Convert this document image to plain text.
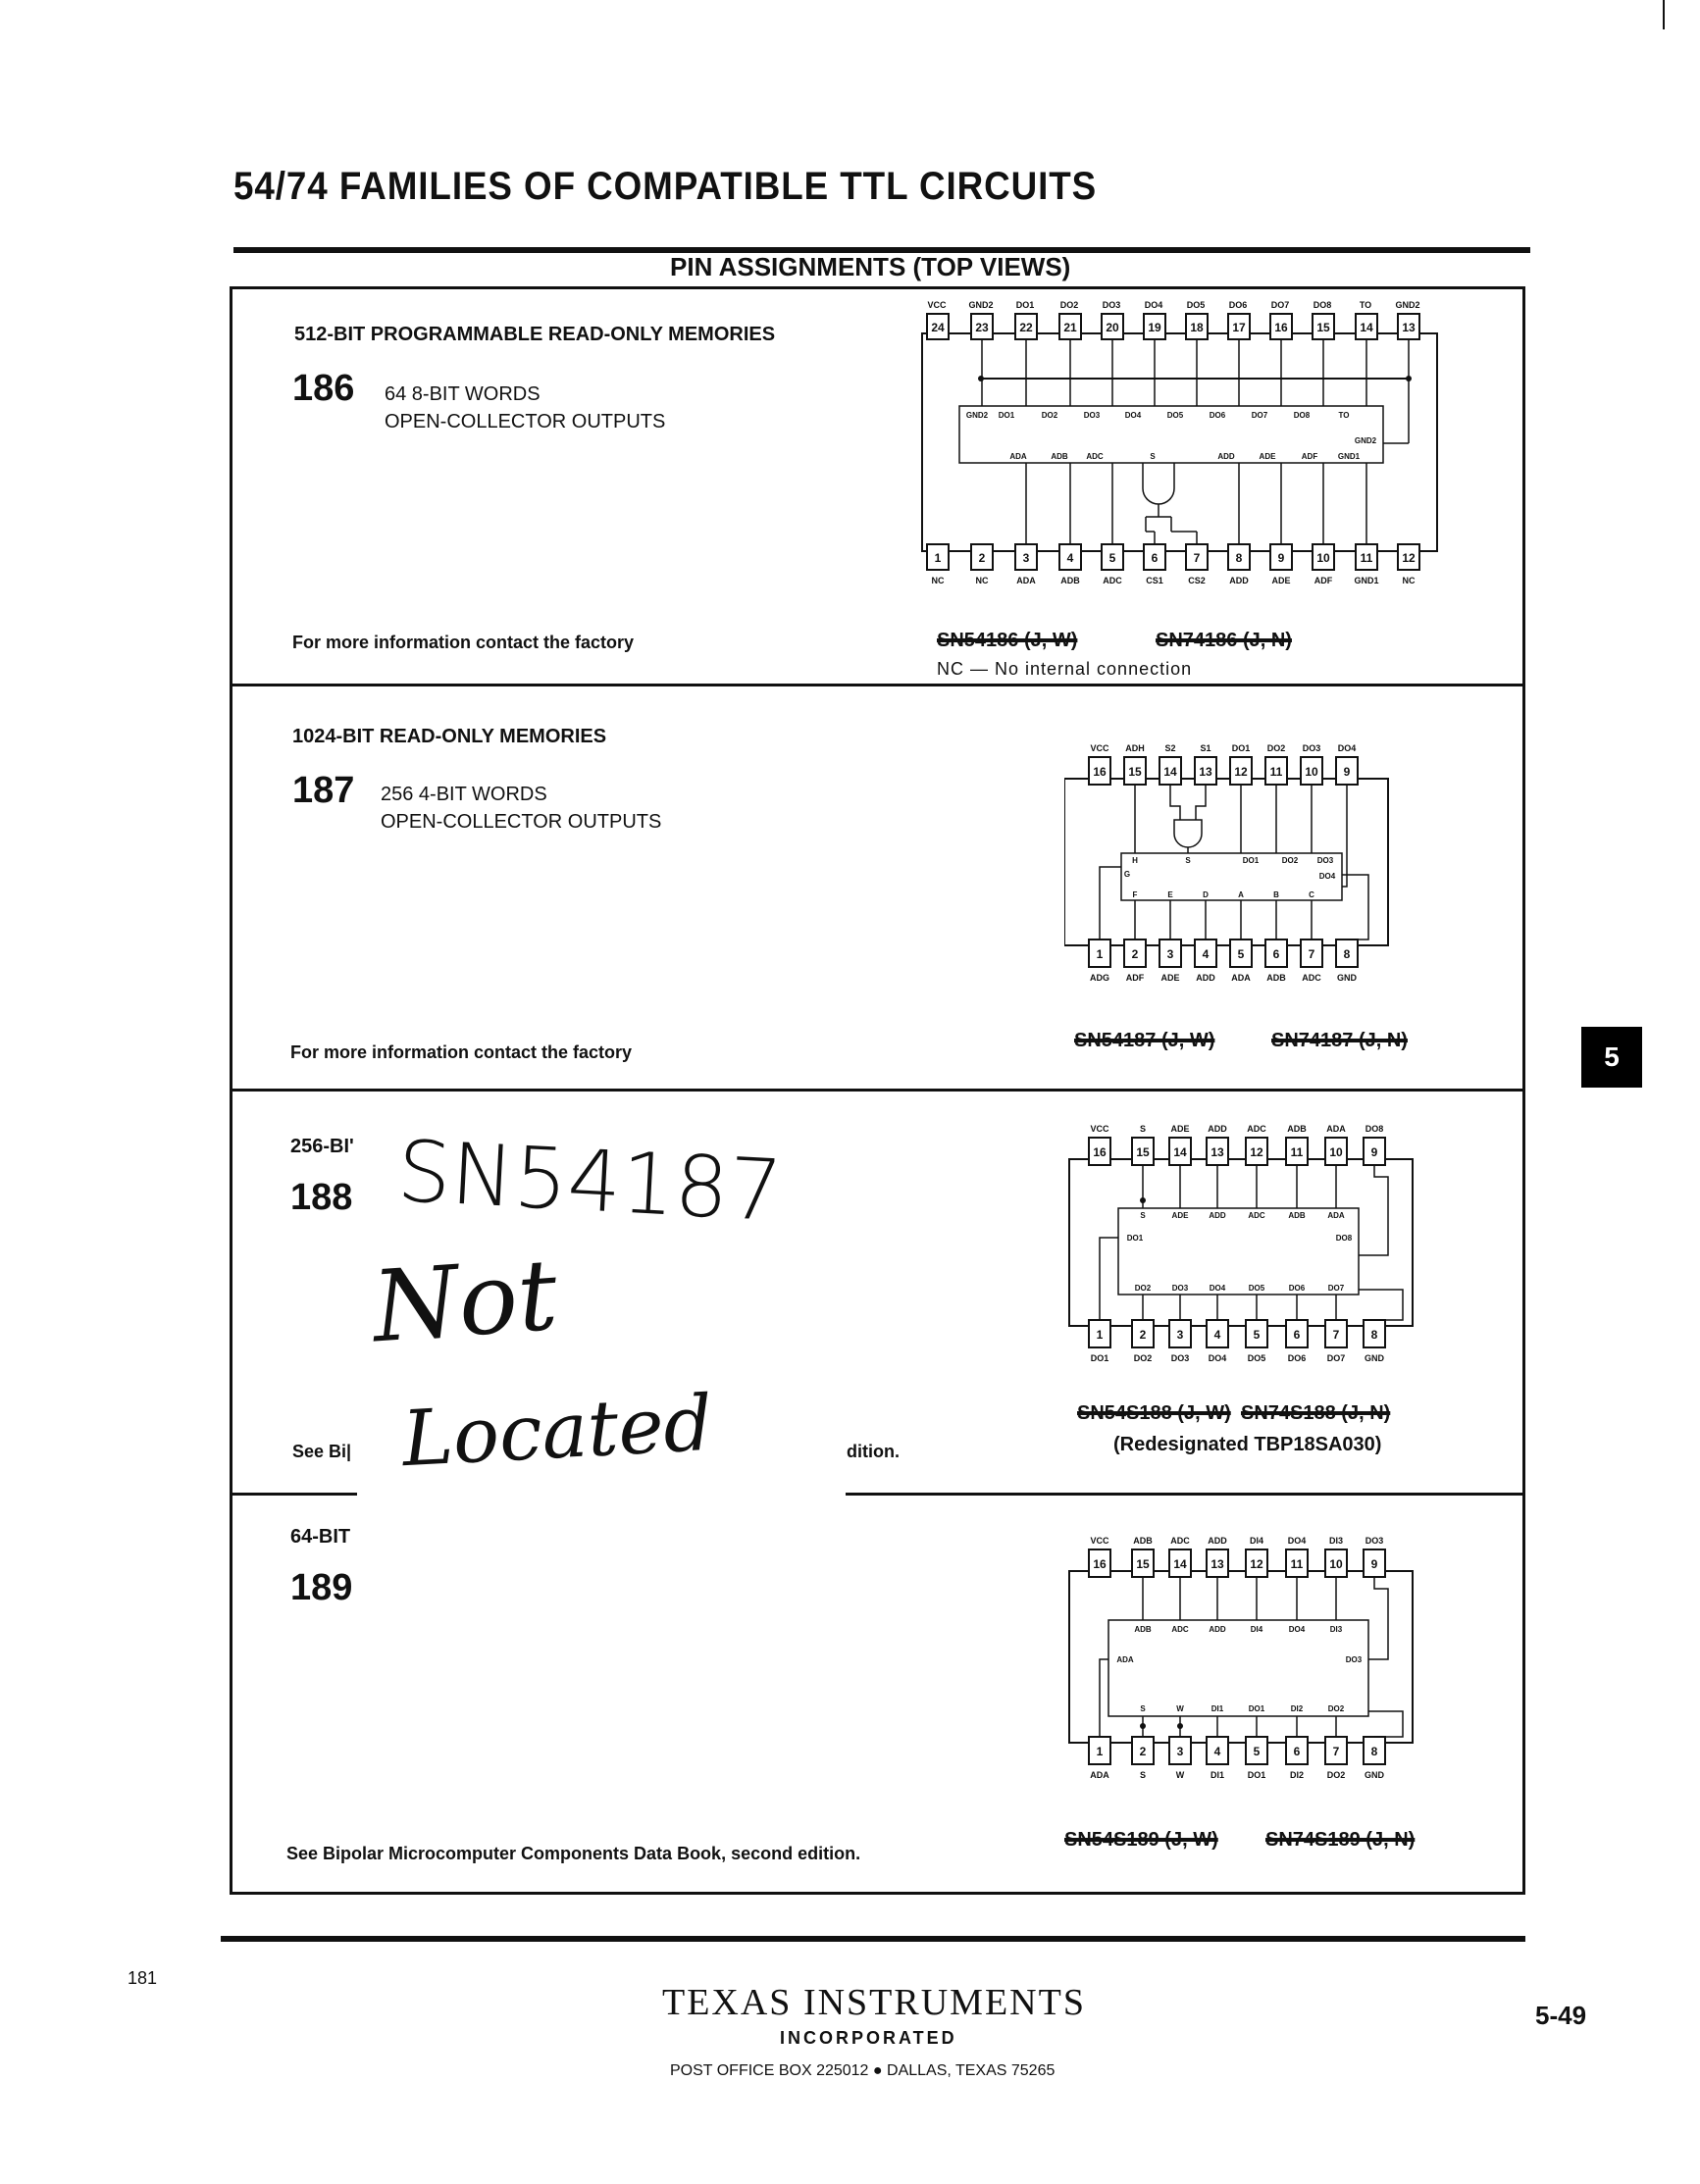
54/74 FAMILIES OF COMPATIBLE TTL CIRCUITS
PIN ASSIGNMENTS (TOP VIEWS)
512-BIT PROGRAMMABLE READ-ONLY MEMORIES
186 64 8-BIT WORDS
OPEN-COLLECTOR OUTPUTS
For more information contact the factory	SN54186 (J, W)	SN74186 (J, N)
NC — No internal connection
VCC	GND2	DO1	DO2	DO3	DO4	DO5	DO6	DO7	DO8	TO	GND2
24	23	22	21 20 19 18 17 16 15	14 13
1	2	3	4	5	6	7	8	9	10	11 12
GND2 DO1	DO2	DO3	DO4	DO5	DO6	DO7	DO8	TO
GND2
ADA	ADB ADC	S	ADD	ADE	ADF	GND1
NC	NC	ADA	ADB	ADC	CS1	CS2	ADD	ADE	ADF GND1	NC
1024-BIT READ-ONLY MEMORIES
187 256 4-BIT WORDS
OPEN-COLLECTOR OUTPUTS
For more information contact the factory
SN54187 (J, W)	SN74187 (J, N)
VCC ADH S2	S1 DO1 DO2 DO3 DO4
16 15 14 13 12 11 10 9
1 2 3 4 5 6 7 8
H	S	DO1	DO2 DO3
DO4
G
F	E	D	A	B	C
ADG ADF ADE ADD ADA ADB ADC GND
256-BI'
188
See Bi|	dition.
SN54S188 (J, W) SN74S188 (J, N)
(Redesignated TBP18SA030)
SN54187
Not
Located
VCC	S	ADE ADD ADC ADB ADA DO8
16	15 14 13 12 11 10 9
1	2	3	4	5	6	7	8
S	ADE	ADD	ADC	ADB	ADA
DO1	DO8
DO2	DO3	DO4	DO5	DO6	DO7
DO1	DO2 DO3 DO4 DO5 DO6 DO7 GND
64-BIT
189
See Bipolar Microcomputer Components Data Book, second edition.
SN54S189 (J, W) SN74S189 (J, N)
VCC	ADB ADC ADD	DI4	DO4	DI3	DO3
16	15 14 13 12 11 10 9
1	2	3	4	5	6	7	8
ADB	ADC	ADD	DI4	DO4	DI3
ADA	DO3
S	W	DI1	DO1	DI2	DO2
ADA	S	W	DI1	DO1	DI2	DO2 GND
5
181
TEXAS INSTRUMENTS
INCORPORATED
POST OFFICE BOX 225012 ● DALLAS, TEXAS 75265
5-49
